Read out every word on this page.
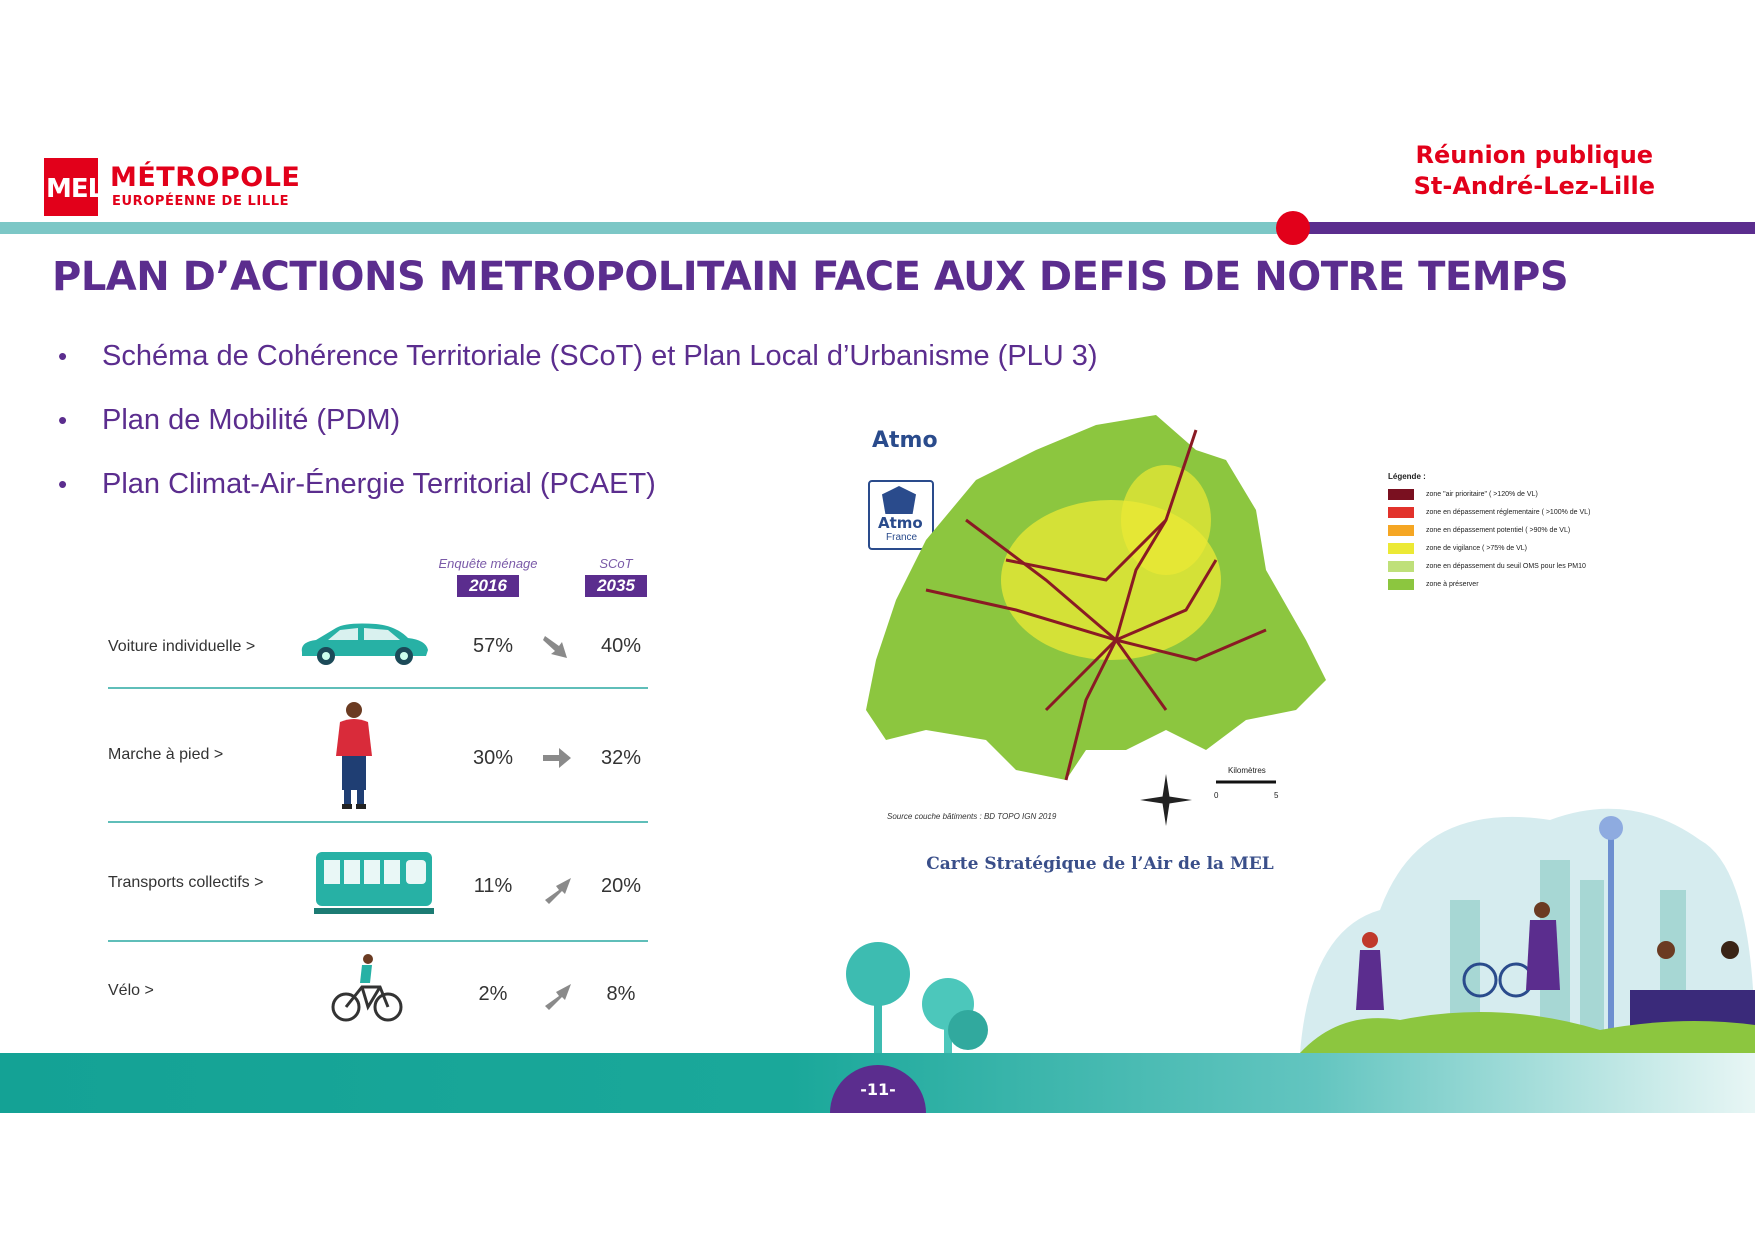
MEL MÉTROPOLE
EUROPÉENNE DE LILLE
Réunion publique
St-André-Lez-Lille
PLAN D’ACTIONS METROPOLITAIN FACE AUX DEFIS DE NOTRE TEMPS
• Schéma de Cohérence Territoriale (SCoT) et Plan Local d’Urbanisme (PLU 3)
• Plan de Mobilité (PDM)
• Plan Climat-Air-Énergie Territorial (PCAET)
Enquête ménage
2016
SCoT
2035
Voiture individuelle >	57%	40%
Marche à pied >	30%	32%
Transports collectifs >	11%	20%
Vélo >	2%	8%
Atmo
Atmo
France
0	5
Kilomètres
Source couche bâtiments : BD TOPO IGN 2019
Légende :
zone "air prioritaire" ( >120% de VL)
zone en dépassement réglementaire ( >100% de VL)
zone en dépassement potentiel ( >90% de VL)
zone de vigilance ( >75% de VL)
zone en dépassement du seuil OMS pour les PM10
zone à préserver
Carte Stratégique de l’Air de la MEL
-11-
